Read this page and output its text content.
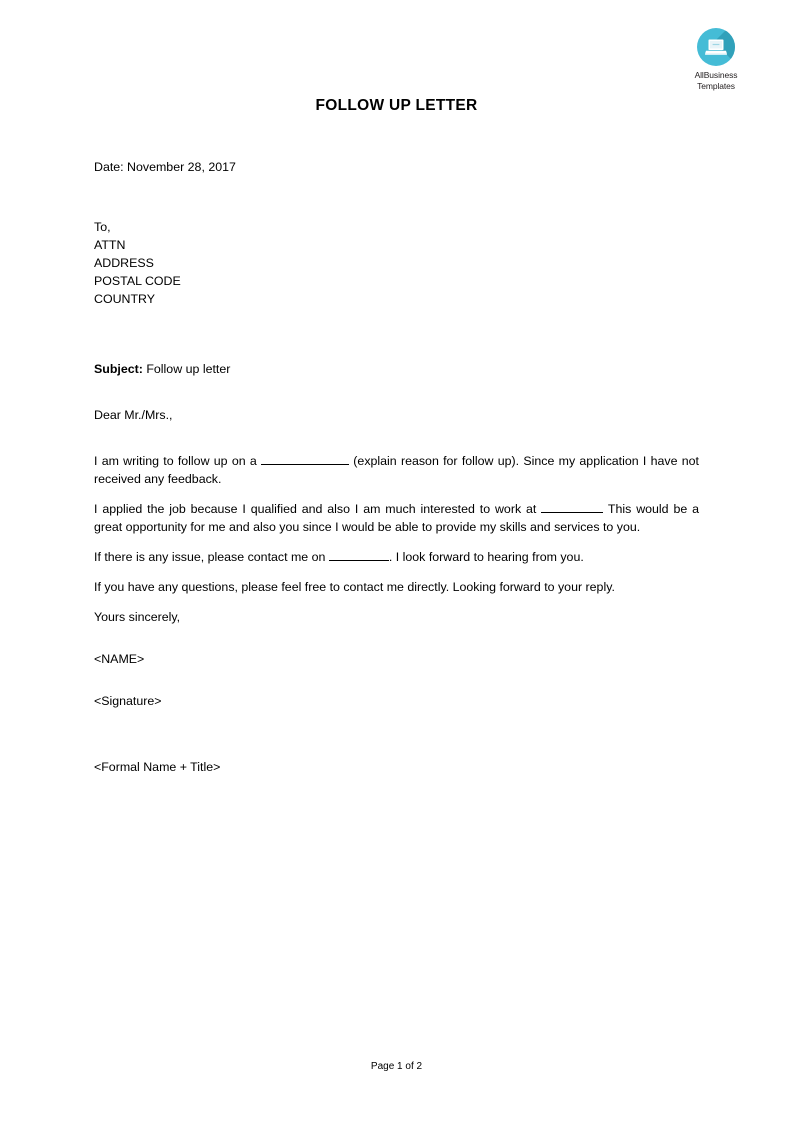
AllBusiness
Templates
FOLLOW UP LETTER

Date: November 28, 2017

To,

ATTN

ADDRESS

POSTAL CODE

COUNTRY

Subject: Follow up letter

Dear Mr./Mrs.,

I am writing to follow up on a	(explain reason for follow up). Since my application I have not received any feedback.

I applied the job because I qualified and also I am much interested to work at	This would be a great opportunity for me and also you since I would be able to provide my skills and services to you.

If there is any issue, please contact me on	. I look forward to hearing from you.

If you have any questions, please feel free to contact me directly. Looking forward to your reply.

Yours sincerely,

<NAME>

<Signature>

<Formal Name + Title>

Page 1 of 2
